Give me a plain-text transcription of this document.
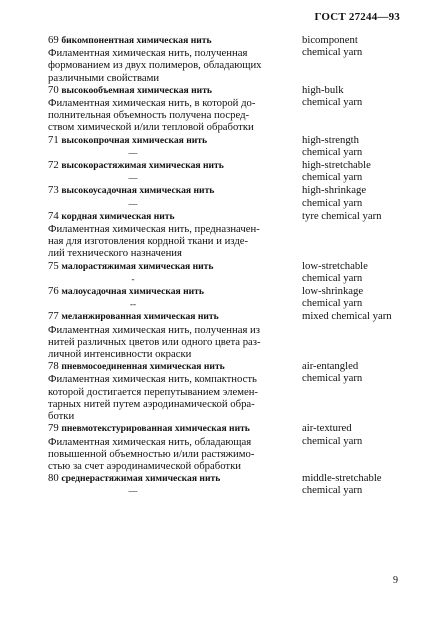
ГОСТ 27244—93
69 бикомпонентная химическая нить
Филаментная химическая нить, полученная
формованием из двух полимеров, обладающих
различными свойствами
bicomponent
chemical yarn
70 высокообъемная химическая нить
Филаментная химическая нить, в которой до-
полнительная объемность получена посред-
ством химической и/или тепловой обработки
high-bulk
chemical yarn
71 высокопрочная химическая нить
—
high-strength
chemical yarn
72 высокорастяжимая химическая нить
—
high-stretchable
chemical yarn
73 высокоусадочная химическая нить
—
high-shrinkage
chemical yarn
74 кордная химическая нить
Филаментная химическая нить, предназначен-
ная для изготовления кордной ткани и изде-
лий технического назначения
tyre chemical yarn
75 малорастяжимая химическая нить
-
low-stretchable
chemical yarn
76 малоусадочная химическая нить
--
low-shrinkage
chemical yarn
77 меланжированная химическая нить
Филаментная химическая нить, полученная из
нитей различных цветов или одного цвета раз-
личной интенсивности окраски
mixed chemical yarn
78 пневмосоединенная химическая нить
Филаментная химическая нить, компактность
которой достигается перепутыванием элемен-
тарных нитей путем аэродинамической обра-
ботки
air-entangled
chemical yarn
79 пневмотекстурированная химическая нить
Филаментная химическая нить, обладающая
повышенной объемностью и/или растяжимо-
стью за счет аэродинамической обработки
air-textured
chemical yarn
80 среднерастяжимая химическая нить
—
middle-stretchable
chemical yarn
9
